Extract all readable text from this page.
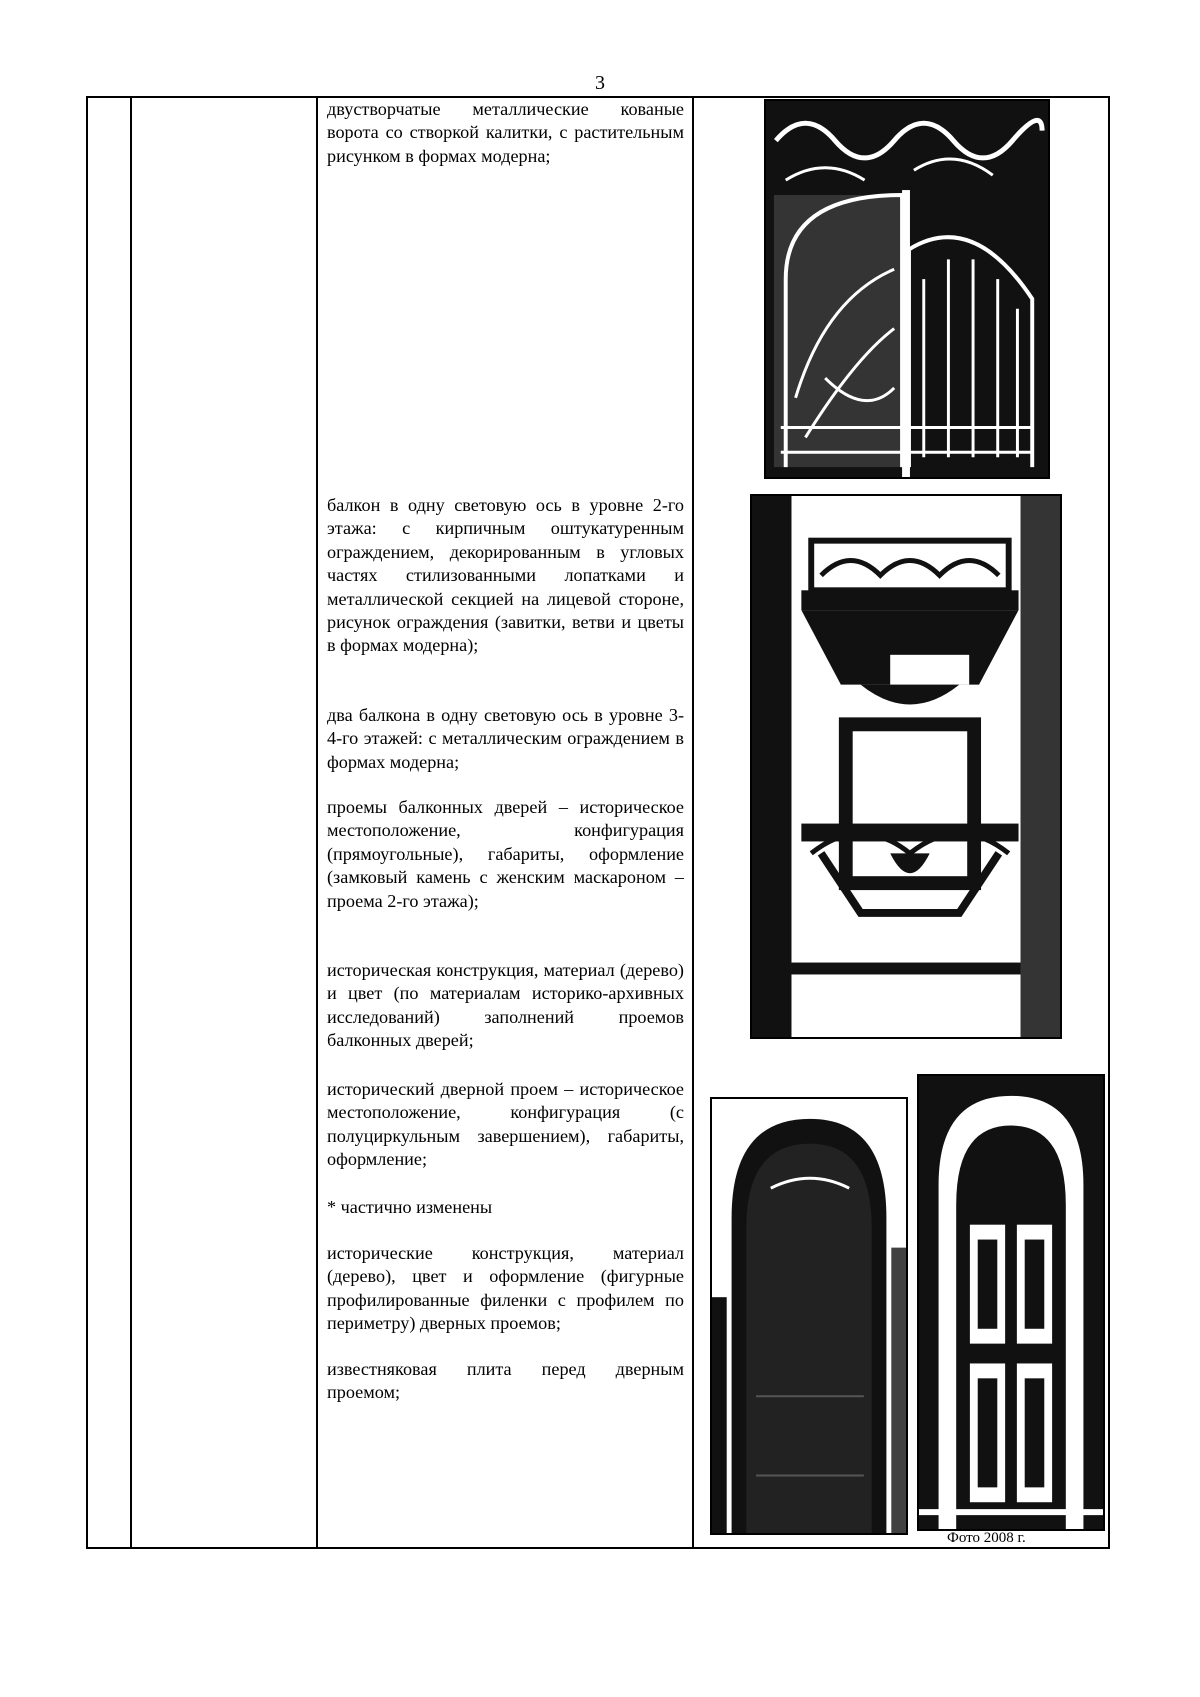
3

двустворчатые металлические кованые ворота со створкой калитки, с растительным рисунком в формах модерна;

балкон в одну световую ось в уровне 2-го этажа: с кирпичным оштукатуренным ограждением, декорированным в угловых частях стилизованными лопатками и металлической секцией на лицевой стороне, рисунок ограждения (завитки, ветви и цветы в формах модерна);

два балкона в одну световую ось в уровне 3-4-го этажей: с металлическим ограждением в формах модерна;

проемы балконных дверей – историческое местоположение, конфигурация (прямоугольные), габариты, оформление (замковый камень с женским маскароном – проема 2-го этажа);

историческая конструкция, материал (дерево) и цвет (по материалам историко-архивных исследований) заполнений проемов балконных дверей;

исторический дверной проем – историческое местоположение, конфигурация (с полуциркульным завершением), габариты, оформление;

* частично изменены

исторические конструкция, материал (дерево), цвет и оформление (фигурные профилированные филенки с профилем по периметру) дверных проемов;

известняковая плита перед дверным проемом;

Фото 2008 г.
